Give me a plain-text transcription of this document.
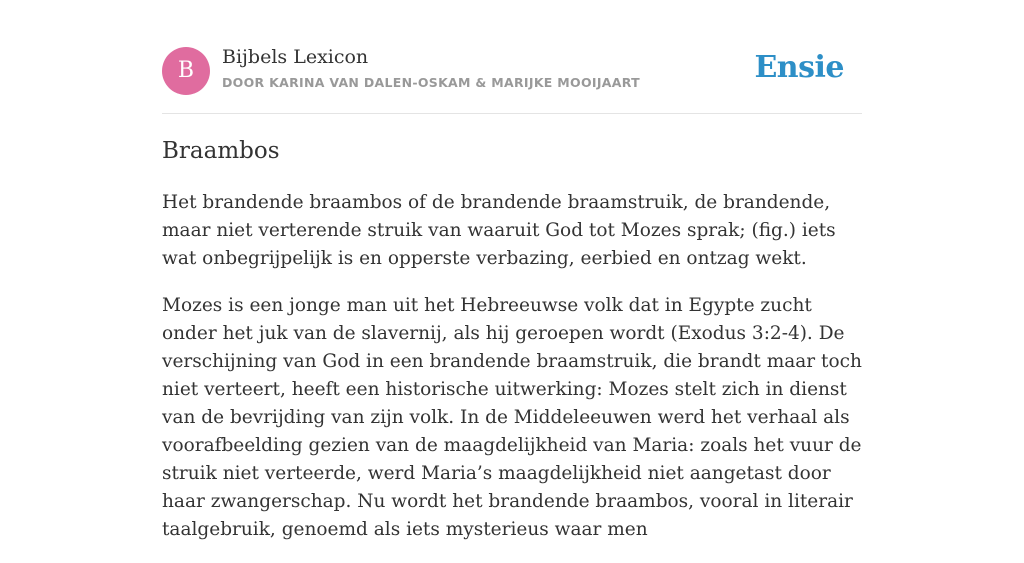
B
Bijbels Lexicon
DOOR KARINA VAN DALEN-OSKAM & MARIJKE MOOIJAART	Ensie
Braambos

Het brandende braambos of de brandende braamstruik, de brandende, maar niet verterende struik van waaruit God tot Mozes sprak; (fig.) iets wat onbegrijpelijk is en opperste verbazing, eerbied en ontzag wekt.

Mozes is een jonge man uit het Hebreeuwse volk dat in Egypte zucht onder het juk van de slavernij, als hij geroepen wordt (Exodus 3:2-4). De verschijning van God in een brandende braamstruik, die brandt maar toch niet verteert, heeft een historische uitwerking: Mozes stelt zich in dienst van de bevrijding van zijn volk. In de Middeleeuwen werd het verhaal als voorafbeelding gezien van de maagdelijkheid van Maria: zoals het vuur de struik niet verteerde, werd Maria’s maagdelijkheid niet aangetast door haar zwangerschap. Nu wordt het brandende braambos, vooral in literair taalgebruik, genoemd als iets mysterieus waar men
